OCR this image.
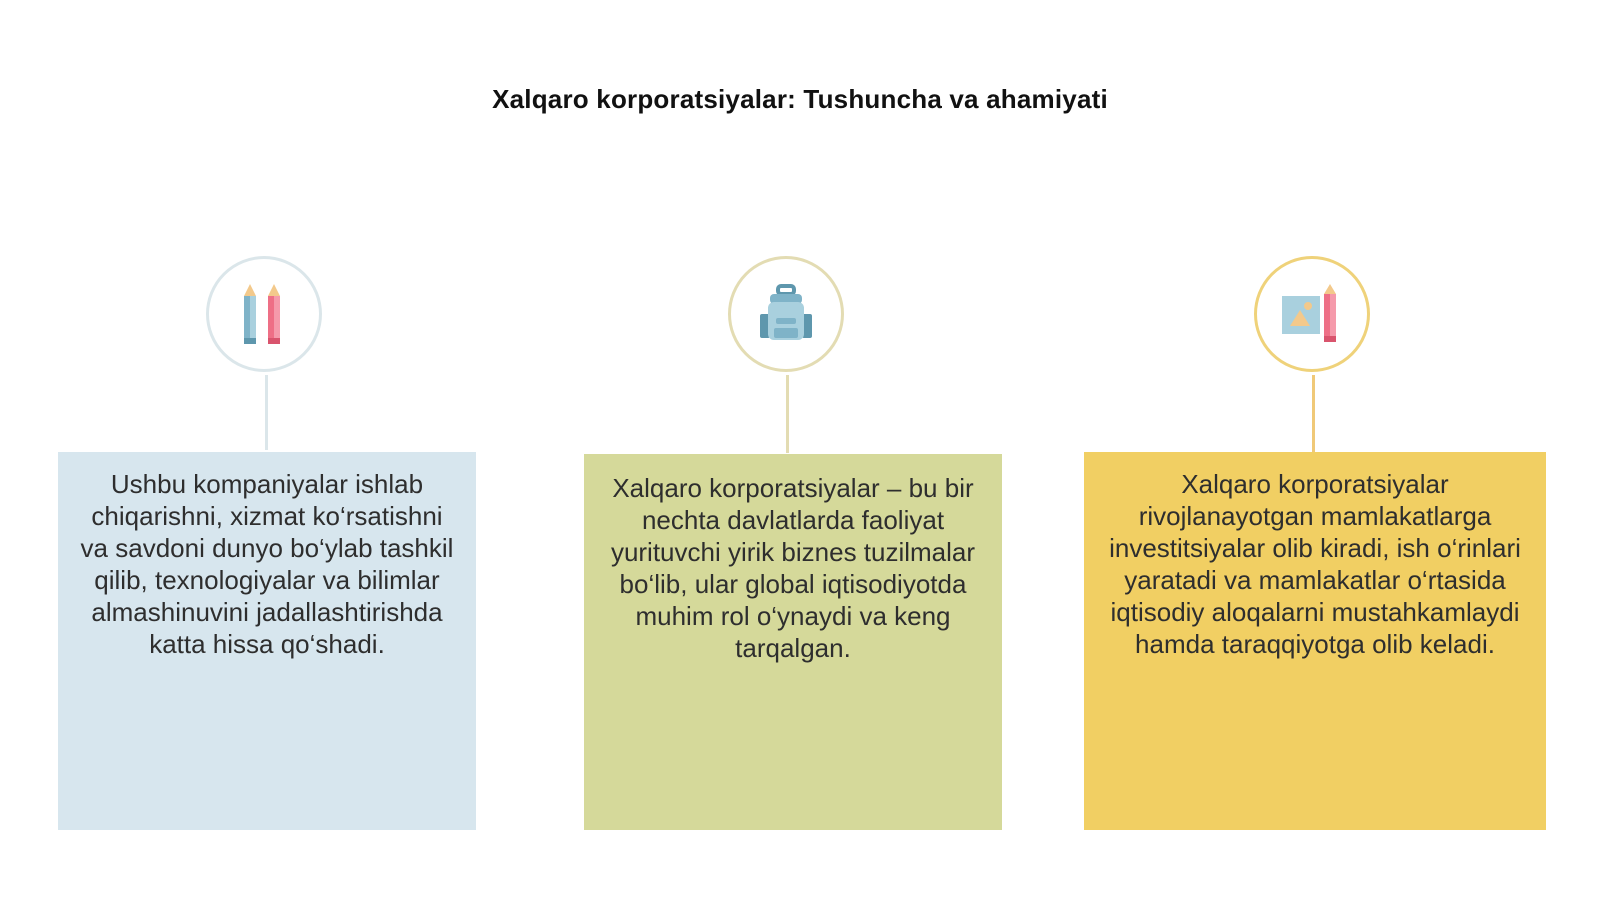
Xalqaro korporatsiyalar: Tushuncha va ahamiyati
Ushbu kompaniyalar ishlab chiqarishni, xizmat ko‘rsatishni va savdoni dunyo bo‘ylab tashkil qilib, texnologiyalar va bilimlar almashinuvini jadallashtirishda katta hissa qo‘shadi.
Xalqaro korporatsiyalar – bu bir nechta davlatlarda faoliyat yurituvchi yirik biznes tuzilmalar bo‘lib, ular global iqtisodiyotda muhim rol o‘ynaydi va keng tarqalgan.
Xalqaro korporatsiyalar rivojlanayotgan mamlakatlarga investitsiyalar olib kiradi, ish o‘rinlari yaratadi va mamlakatlar o‘rtasida iqtisodiy aloqalarni mustahkamlaydi hamda taraqqiyotga olib keladi.
